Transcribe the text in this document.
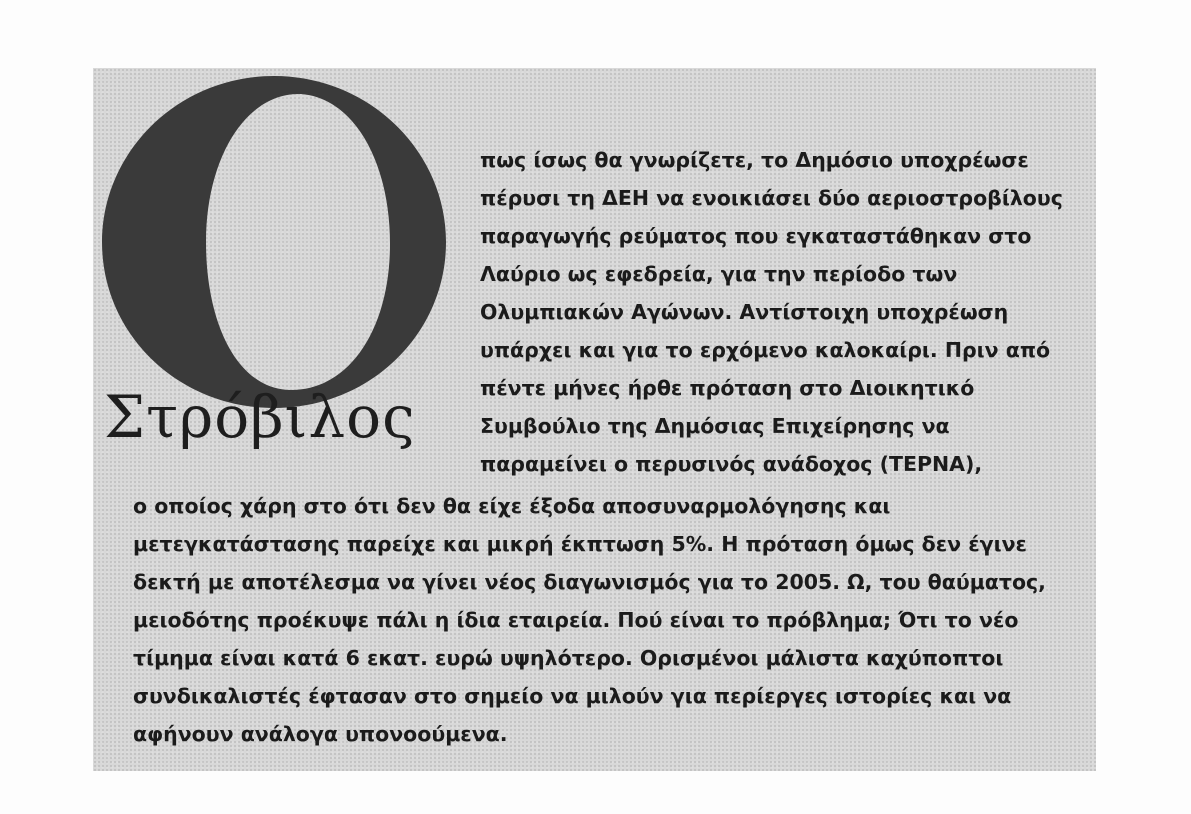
Στρόβιλος
πως ίσως θα γνωρίζετε, το Δημόσιο υποχρέωσε
πέρυσι τη ΔΕΗ να ενοικιάσει δύο αεριοστροβίλους
παραγωγής ρεύματος που εγκαταστάθηκαν στο
Λαύριο ως εφεδρεία, για την περίοδο των
Ολυμπιακών Αγώνων. Αντίστοιχη υποχρέωση
υπάρχει και για το ερχόμενο καλοκαίρι. Πριν από
πέντε μήνες ήρθε πρόταση στο Διοικητικό
Συμβούλιο της Δημόσιας Επιχείρησης να
παραμείνει ο περυσινός ανάδοχος (ΤΕΡΝΑ),
ο οποίος χάρη στο ότι δεν θα είχε έξοδα αποσυναρμολόγησης και
μετεγκατάστασης παρείχε και μικρή έκπτωση 5%. Η πρόταση όμως δεν έγινε
δεκτή με αποτέλεσμα να γίνει νέος διαγωνισμός για το 2005. Ω, του θαύματος,
μειοδότης προέκυψε πάλι η ίδια εταιρεία. Πού είναι το πρόβλημα; Ότι το νέο
τίμημα είναι κατά 6 εκατ. ευρώ υψηλότερο. Ορισμένοι μάλιστα καχύποπτοι
συνδικαλιστές έφτασαν στο σημείο να μιλούν για περίεργες ιστορίες και να
αφήνουν ανάλογα υπονοούμενα.
